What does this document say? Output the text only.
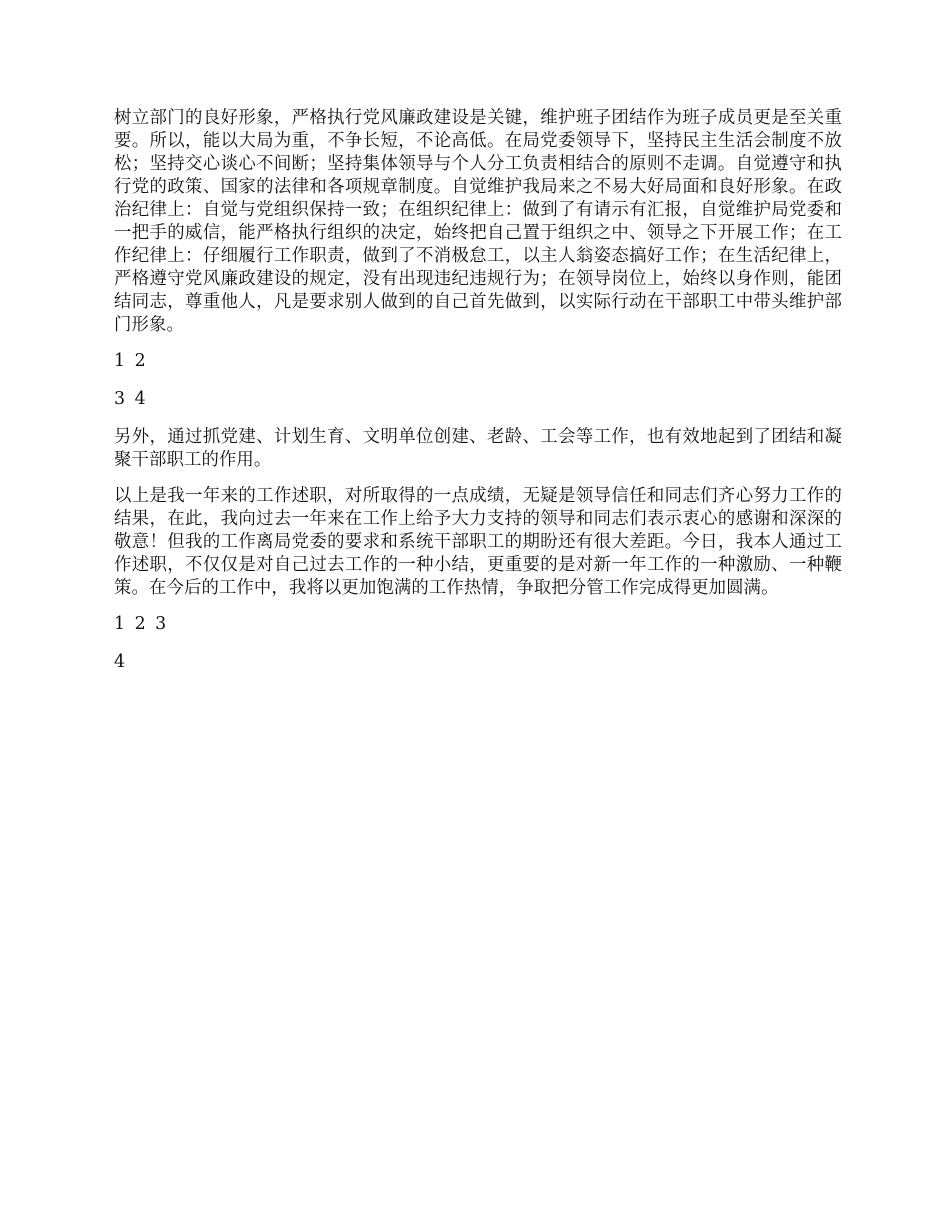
树立部门的良好形象，严格执行党风廉政建设是关键，维护班子团结作为班子成员更是至关重要。所以，能以大局为重，不争长短，不论高低。在局党委领导下，坚持民主生活会制度不放松；坚持交心谈心不间断；坚持集体领导与个人分工负责相结合的原则不走调。自觉遵守和执行党的政策、国家的法律和各项规章制度。自觉维护我局来之不易大好局面和良好形象。在政治纪律上：自觉与党组织保持一致；在组织纪律上：做到了有请示有汇报，自觉维护局党委和一把手的威信，能严格执行组织的决定，始终把自己置于组织之中、领导之下开展工作；在工作纪律上：仔细履行工作职责，做到了不消极怠工，以主人翁姿态搞好工作；在生活纪律上，严格遵守党风廉政建设的规定，没有出现违纪违规行为；在领导岗位上，始终以身作则，能团结同志，尊重他人，凡是要求别人做到的自己首先做到，以实际行动在干部职工中带头维护部门形象。

1 2

3 4

另外，通过抓党建、计划生育、文明单位创建、老龄、工会等工作，也有效地起到了团结和凝聚干部职工的作用。

以上是我一年来的工作述职，对所取得的一点成绩，无疑是领导信任和同志们齐心努力工作的结果，在此，我向过去一年来在工作上给予大力支持的领导和同志们表示衷心的感谢和深深的敬意！但我的工作离局党委的要求和系统干部职工的期盼还有很大差距。今日，我本人通过工作述职，不仅仅是对自己过去工作的一种小结，更重要的是对新一年工作的一种激励、一种鞭策。在今后的工作中，我将以更加饱满的工作热情，争取把分管工作完成得更加圆满。

1 2 3

4
